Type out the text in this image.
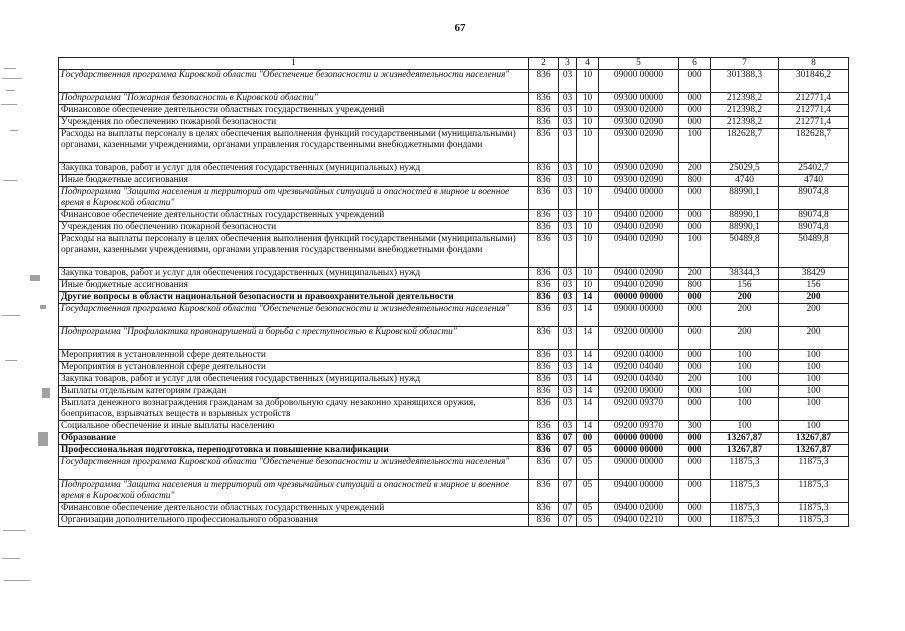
67
1	2	3	4	5	6	7	8
Государственная программа Кировской области "Обеспечение безопасности и жизнедеятельности населения"	836	03	10	09000 00000	000	301388,3	301846,2
Подпрограмма "Пожарная безопасность в Кировской области"	836	03	10	09300 00000	000	212398,2	212771,4
Финансовое обеспечение деятельности областных государственных учреждений	836	03	10	09300 02000	000	212398,2	212771,4
Учреждения по обеспечению пожарной безопасности	836	03	10	09300 02090	000	212398,2	212771,4
Расходы на выплаты персоналу в целях обеспечения выполнения функций государственными (муниципальными) органами, казенными учреждениями, органами управления государственными внебюджетными фондами	836	03	10	09300 02090	100	182628,7	182628,7
Закупка товаров, работ и услуг для обеспечения государственных (муниципальных) нужд	836	03	10	09300 02090	200	25029,5	25402,7
Иные бюджетные ассигнования	836	03	10	09300 02090	800	4740	4740
Подпрограмма "Защита населения и территорий от чрезвычайных ситуаций и опасностей в мирное и военное время в Кировской области"	836	03	10	09400 00000	000	88990,1	89074,8
Финансовое обеспечение деятельности областных государственных учреждений	836	03	10	09400 02000	000	88990,1	89074,8
Учреждения по обеспечению пожарной безопасности	836	03	10	09400 02090	000	88990,1	89074,8
Расходы на выплаты персоналу в целях обеспечения выполнения функций государственными (муниципальными) органами, казенными учреждениями, органами управления государственными внебюджетными фондами	836	03	10	09400 02090	100	50489,8	50489,8
Закупка товаров, работ и услуг для обеспечения государственных (муниципальных) нужд	836	03	10	09400 02090	200	38344,3	38429
Иные бюджетные ассигнования	836	03	10	09400 02090	800	156	156
Другие вопросы в области национальной безопасности и правоохранительной деятельности	836	03	14	00000 00000	000	200	200
Государственная программа Кировской области "Обеспечение безопасности и жизнедеятельности населения"	836	03	14	09000 00000	000	200	200
Подпрограмма "Профилактика правонарушений и борьба с преступностью в Кировской области"	836	03	14	09200 00000	000	200	200
Мероприятия в установленной сфере деятельности	836	03	14	09200 04000	000	100	100
Мероприятия в установленной сфере деятельности	836	03	14	09200 04040	000	100	100
Закупка товаров, работ и услуг для обеспечения государственных (муниципальных) нужд	836	03	14	09200 04040	200	100	100
Выплаты отдельным категориям граждан	836	03	14	09200 09000	000	100	100
Выплата денежного вознаграждения гражданам за добровольную сдачу незаконно хранящихся оружия, боеприпасов, взрывчатых веществ и взрывных устройств	836	03	14	09200 09370	000	100	100
Социальное обеспечение и иные выплаты населению	836	03	14	09200 09370	300	100	100
Образование	836	07	00	00000 00000	000	13267,87	13267,87
Профессиональная подготовка, переподготовка и повышение квалификации	836	07	05	00000 00000	000	13267,87	13267,87
Государственная программа Кировской области "Обеспечение безопасности и жизнедеятельности населения"	836	07	05	09000 00000	000	11875,3	11875,3
Подпрограмма "Защита населения и территорий от чрезвычайных ситуаций и опасностей в мирное и военное время в Кировской области"	836	07	05	09400 00000	000	11875,3	11875,3
Финансовое обеспечение деятельности областных государственных учреждений	836	07	05	09400 02000	000	11875,3	11875,3
Организации дополнительного профессионального образования	836	07	05	09400 02210	000	11875,3	11875,3
